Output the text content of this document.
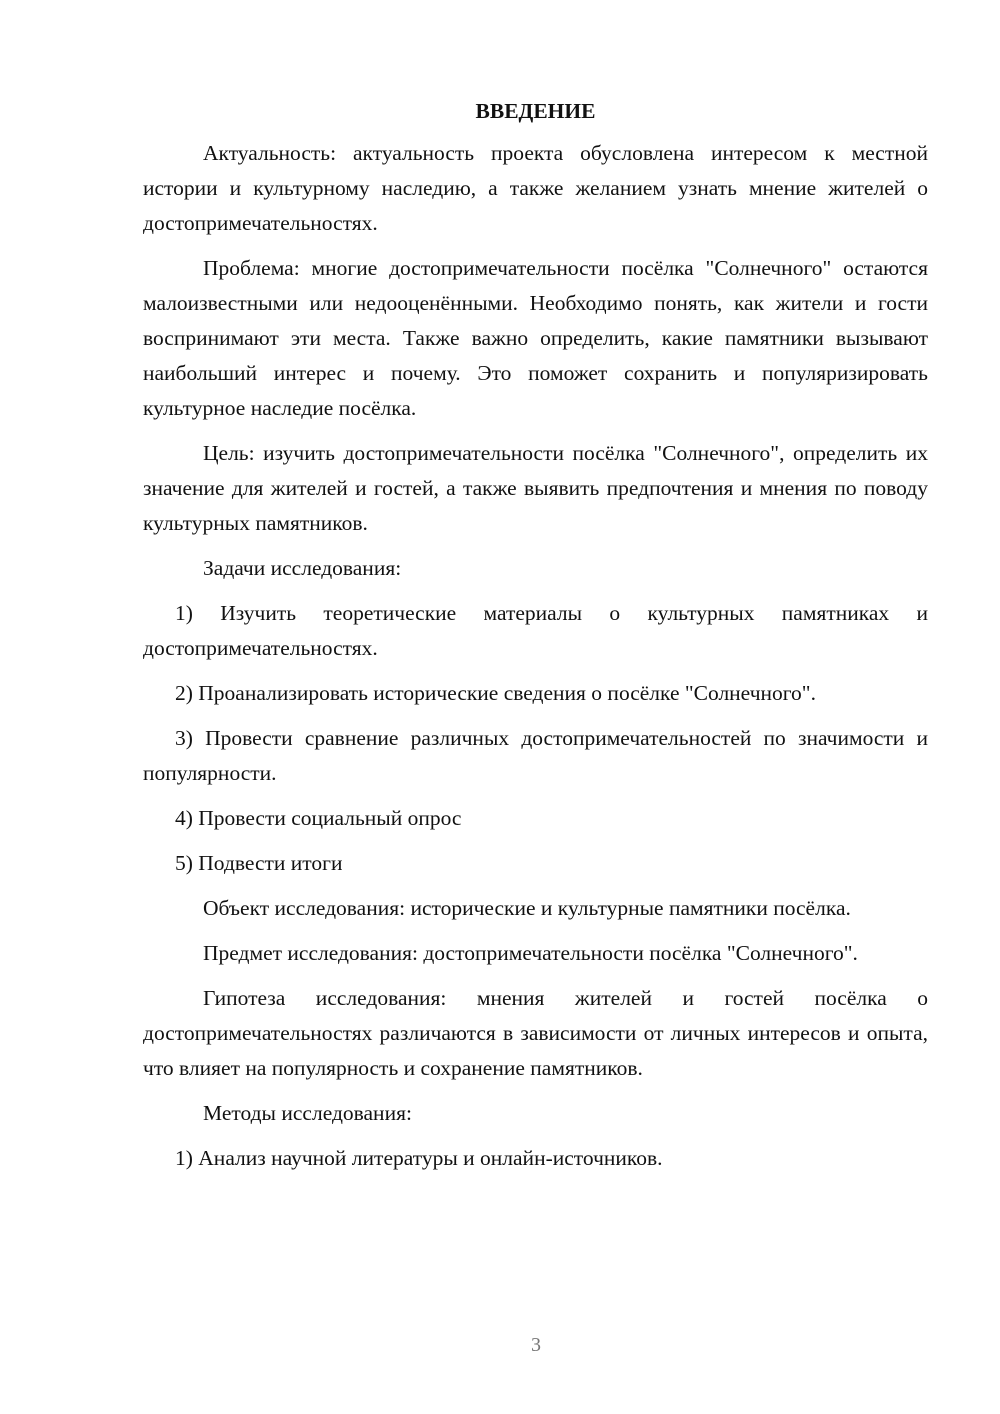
ВВЕДЕНИЕ

Актуальность: актуальность проекта обусловлена интересом к местной истории и культурному наследию, а также желанием узнать мнение жителей о достопримечательностях.

Проблема: многие достопримечательности посёлка "Солнечного" остаются малоизвестными или недооценёнными. Необходимо понять, как жители и гости воспринимают эти места. Также важно определить, какие памятники вызывают наибольший интерес и почему. Это поможет сохранить и популяризировать культурное наследие посёлка.

Цель: изучить достопримечательности посёлка "Солнечного", определить их значение для жителей и гостей, а также выявить предпочтения и мнения по поводу культурных памятников.

Задачи исследования:

1) Изучить теоретические материалы о культурных памятниках и достопримечательностях.

2) Проанализировать исторические сведения о посёлке "Солнечного".

3) Провести сравнение различных достопримечательностей по значимости и популярности.

4) Провести социальный опрос

5) Подвести итоги

Объект исследования: исторические и культурные памятники посёлка.

Предмет исследования: достопримечательности посёлка "Солнечного".

Гипотеза исследования: мнения жителей и гостей посёлка о достопримечательностях различаются в зависимости от личных интересов и опыта, что влияет на популярность и сохранение памятников.

Методы исследования:

1) Анализ научной литературы и онлайн-источников.

3
